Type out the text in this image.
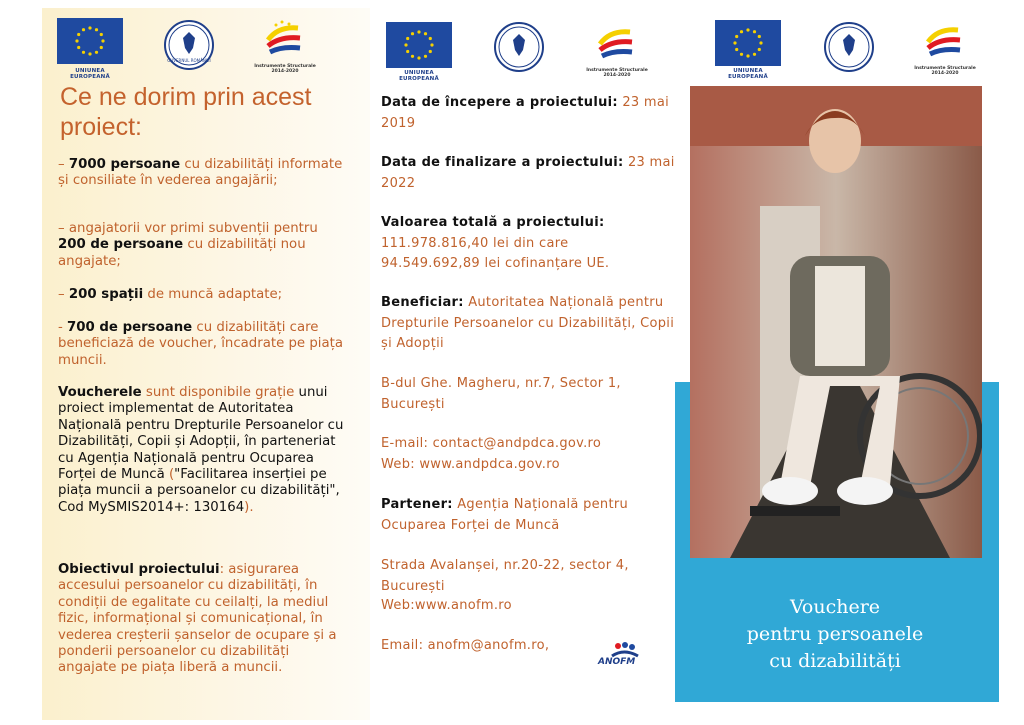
UNIUNEA EUROPEANĂ
GUVERNUL ROMÂNIEI
Instrumente Structurale
2014-2020
Ce ne dorim prin acest proiect:
– 7000 persoane cu dizabilități informate și consiliate în vederea angajării;
– angajatorii vor primi subvenții pentru 200 de persoane cu dizabilități nou angajate;
– 200 spații de muncă adaptate;
- 700 de persoane cu dizabilități care beneficiază de voucher, încadrate pe piața muncii.
Voucherele sunt disponibile grație unui proiect implementat de Autoritatea Națională pentru Drepturile Persoanelor cu Dizabilități, Copii și Adopții, în parteneriat cu Agenția Națională pentru Ocuparea Forței de Muncă ("Facilitarea inserției pe piața muncii a persoanelor cu dizabilități", Cod MySMIS2014+: 130164).
Obiectivul proiectului: asigurarea accesului persoanelor cu dizabilități, în condiții de egalitate cu ceilalți, la mediul fizic, informațional și comunicațional, în vederea creșterii șanselor de ocupare și a ponderii persoanelor cu dizabilități angajate pe piața liberă a muncii.
UNIUNEA EUROPEANĂ
Instrumente Structurale
2014-2020
Data de începere a proiectului: 23 mai 2019
Data de finalizare a proiectului: 23 mai 2022
Valoarea totală a proiectului:
111.978.816,40 lei din care
94.549.692,89 lei cofinanțare UE.
Beneficiar: Autoritatea Națională pentru Drepturile Persoanelor cu Dizabilități, Copii și Adopții
B-dul Ghe. Magheru, nr.7, Sector 1, București
E-mail: contact@andpdca.gov.ro
Web: www.andpdca.gov.ro
Partener: Agenția Națională pentru Ocuparea Forței de Muncă
Strada Avalanșei, nr.20-22, sector 4,
București
Web:www.anofm.ro
Email: anofm@anofm.ro,
ANOFM
UNIUNEA EUROPEANĂ
Instrumente Structurale
2014-2020
Vouchere
pentru persoanele
cu dizabilități
